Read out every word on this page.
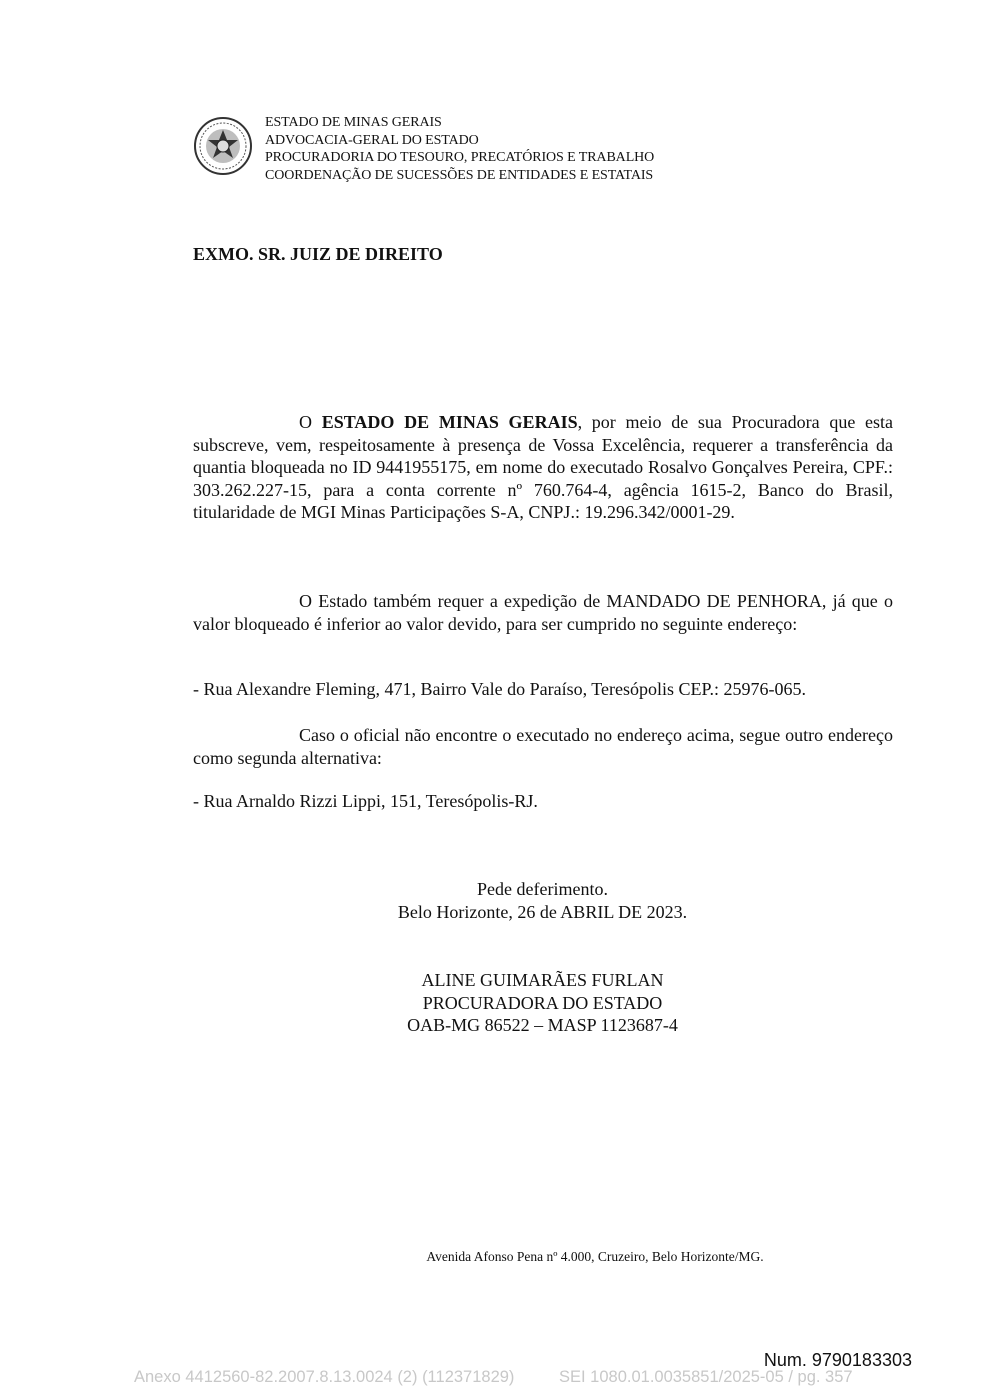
ESTADO DE MINAS GERAIS
ADVOCACIA-GERAL DO ESTADO
PROCURADORIA DO TESOURO, PRECATÓRIOS E TRABALHO
COORDENAÇÃO DE SUCESSÕES DE ENTIDADES E ESTATAIS
EXMO. SR. JUIZ DE DIREITO
O ESTADO DE MINAS GERAIS, por meio de sua Procuradora que esta subscreve, vem, respeitosamente à presença de Vossa Excelência, requerer a transferência da quantia bloqueada no ID 9441955175, em nome do executado Rosalvo Gonçalves Pereira, CPF.: 303.262.227-15, para a conta corrente nº 760.764-4, agência 1615-2, Banco do Brasil, titularidade de MGI Minas Participações S-A, CNPJ.: 19.296.342/0001-29.
O Estado também requer a expedição de MANDADO DE PENHORA, já que o valor bloqueado é inferior ao valor devido, para ser cumprido no seguinte endereço:
- Rua Alexandre Fleming, 471, Bairro Vale do Paraíso, Teresópolis CEP.: 25976-065.
Caso o oficial não encontre o executado no endereço acima, segue outro endereço como segunda alternativa:
- Rua Arnaldo Rizzi Lippi, 151, Teresópolis-RJ.
Pede deferimento.
Belo Horizonte, 26 de ABRIL DE 2023.
ALINE GUIMARÃES FURLAN
PROCURADORA DO ESTADO
OAB-MG 86522 – MASP 1123687-4
Avenida Afonso Pena nº 4.000, Cruzeiro, Belo Horizonte/MG.
Num. 9790183303
Anexo 4412560-82.2007.8.13.0024 (2) (112371829)	SEI 1080.01.0035851/2025-05 / pg. 357
